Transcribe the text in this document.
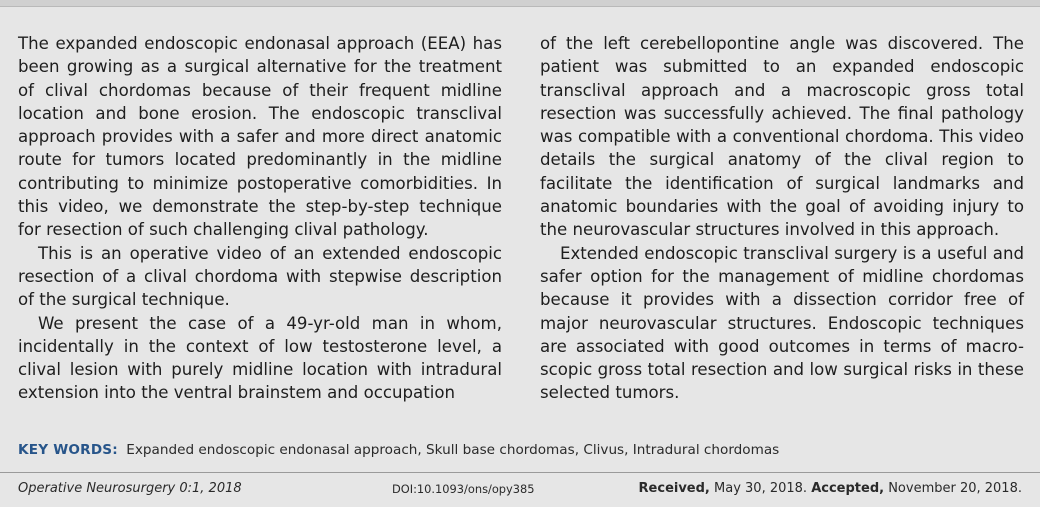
The expanded endoscopic endonasal approach (EEA) has been growing as a surgical alternative for the treatment of clival chordomas because of their frequent midline location and bone erosion. The endoscopic transclival approach provides with a safer and more direct anatomic route for tumors located predominantly in the midline contributing to minimize postoperative comorbidities. In this video, we demonstrate the step-by-step technique for resection of such challenging clival pathology.

This is an operative video of an extended endoscopic resection of a clival chordoma with stepwise description of the surgical technique.

We present the case of a 49-yr-old man in whom, incidentally in the context of low testosterone level, a clival lesion with purely midline location with intradural extension into the ventral brainstem and occupation

of the left cerebellopontine angle was discovered. The patient was submitted to an expanded endoscopic transclival approach and a macroscopic gross total resection was successfully achieved. The final pathology was compatible with a conventional chordoma. This video details the surgical anatomy of the clival region to facilitate the identification of surgical landmarks and anatomic boundaries with the goal of avoiding injury to the neurovascular structures involved in this approach.

Extended endoscopic transclival surgery is a useful and safer option for the management of midline chordomas because it provides with a dissection corridor free of major neurovascular structures. Endoscopic techniques are associated with good outcomes in terms of macro-scopic gross total resection and low surgical risks in these selected tumors.

KEY WORDS: Expanded endoscopic endonasal approach, Skull base chordomas, Clivus, Intradural chordomas
Operative Neurosurgery 0:1, 2018	DOI:10.1093/ons/opy385	Received, May 30, 2018. Accepted, November 20, 2018.
